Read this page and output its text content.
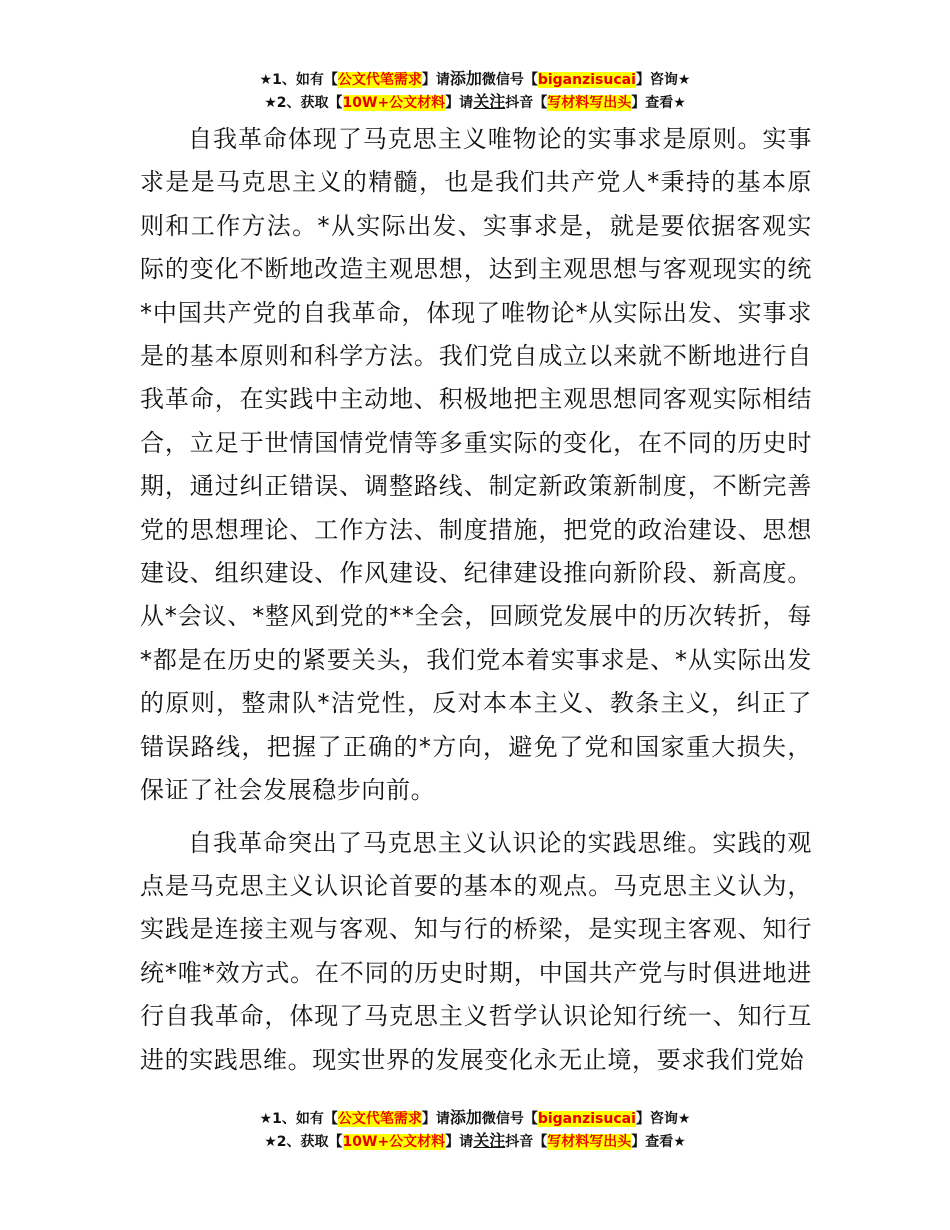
★1、如有【公文代笔需求】请添加微信号【biganzisucai】咨询★
★2、获取【10W+公文材料】请关注抖音【写材料写出头】查看★

自我革命体现了马克思主义唯物论的实事求是原则。实事求是是马克思主义的精髓，也是我们共产党人*秉持的基本原则和工作方法。*从实际出发、实事求是，就是要依据客观实际的变化不断地改造主观思想，达到主观思想与客观现实的统*中国共产党的自我革命，体现了唯物论*从实际出发、实事求是的基本原则和科学方法。我们党自成立以来就不断地进行自我革命，在实践中主动地、积极地把主观思想同客观实际相结合，立足于世情国情党情等多重实际的变化，在不同的历史时期，通过纠正错误、调整路线、制定新政策新制度，不断完善党的思想理论、工作方法、制度措施，把党的政治建设、思想建设、组织建设、作风建设、纪律建设推向新阶段、新高度。从*会议、*整风到党的**全会，回顾党发展中的历次转折，每*都是在历史的紧要关头，我们党本着实事求是、*从实际出发的原则，整肃队*洁党性，反对本本主义、教条主义，纠正了错误路线，把握了正确的*方向，避免了党和国家重大损失，保证了社会发展稳步向前。

自我革命突出了马克思主义认识论的实践思维。实践的观点是马克思主义认识论首要的基本的观点。马克思主义认为，实践是连接主观与客观、知与行的桥梁，是实现主客观、知行统*唯*效方式。在不同的历史时期，中国共产党与时俱进地进行自我革命，体现了马克思主义哲学认识论知行统一、知行互进的实践思维。现实世界的发展变化永无止境，要求我们党始

★1、如有【公文代笔需求】请添加微信号【biganzisucai】咨询★
★2、获取【10W+公文材料】请关注抖音【写材料写出头】查看★
